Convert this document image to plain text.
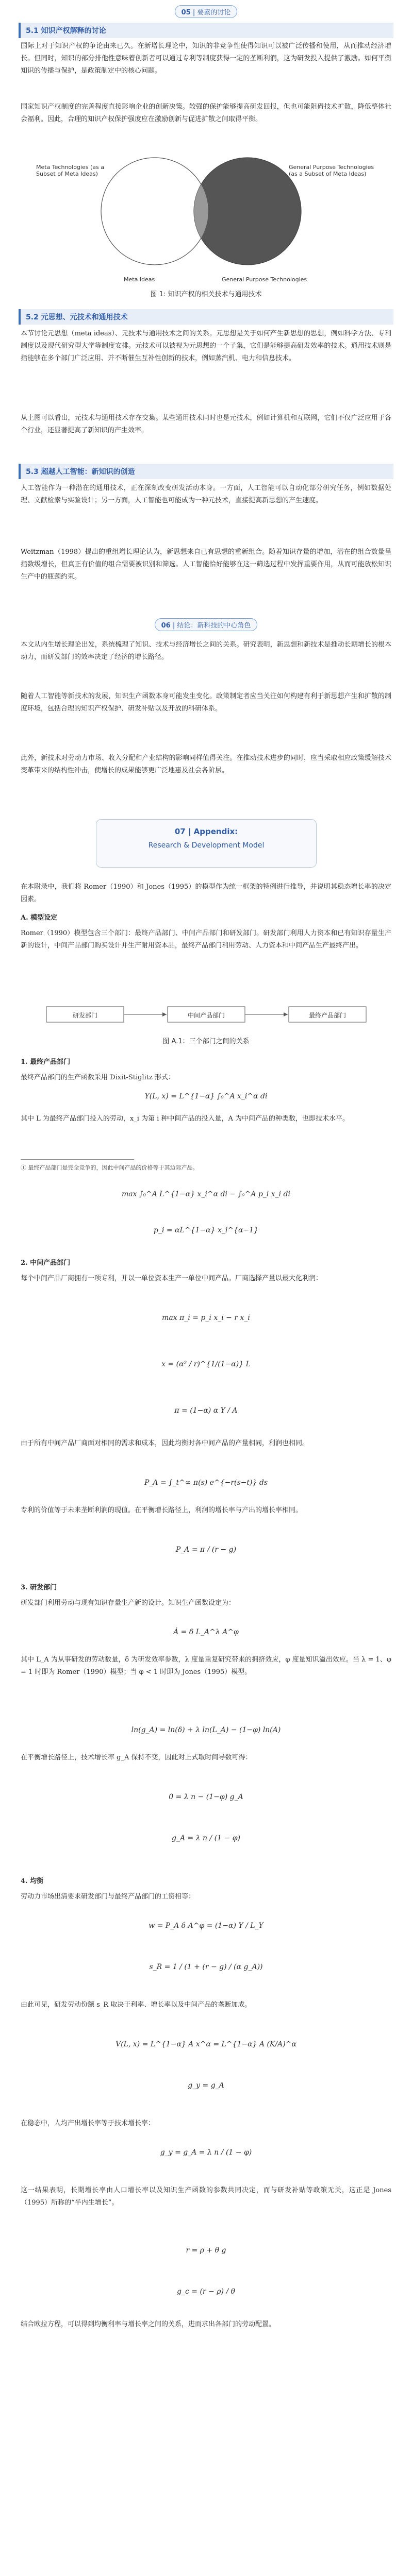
05 | 要素的讨论
5.1 知识产权解释的讨论
国际上对于知识产权的争论由来已久。在新增长理论中，知识的非竞争性使得知识可以被广泛传播和使用，从而推动经济增长。但同时，知识的部分排他性意味着创新者可以通过专利等制度获得一定的垄断利润，这为研发投入提供了激励。如何平衡知识的传播与保护，是政策制定中的核心问题。
国家知识产权制度的完善程度直接影响企业的创新决策。较强的保护能够提高研发回报，但也可能阻碍技术扩散，降低整体社会福利。因此，合理的知识产权保护强度应在激励创新与促进扩散之间取得平衡。
Meta Technologies (as a Subset of Meta Ideas)
General Purpose Technologies (as a Subset of Meta Ideas)
Meta Ideas	General Purpose Technologies
图 1: 知识产权的相关技术与通用技术
5.2 元思想、元技术和通用技术
本节讨论元思想（meta ideas）、元技术与通用技术之间的关系。元思想是关于如何产生新思想的思想，例如科学方法、专利制度以及现代研究型大学等制度安排。元技术可以被视为元思想的一个子集，它们是能够提高研发效率的技术。通用技术则是指能够在多个部门广泛应用、并不断催生互补性创新的技术，例如蒸汽机、电力和信息技术。
从上图可以看出，元技术与通用技术存在交集。某些通用技术同时也是元技术，例如计算机和互联网，它们不仅广泛应用于各个行业，还显著提高了新知识的产生效率。
5.3 超越人工智能：新知识的创造
人工智能作为一种潜在的通用技术，正在深刻改变研发活动本身。一方面，人工智能可以自动化部分研究任务，例如数据处理、文献检索与实验设计；另一方面，人工智能也可能成为一种元技术，直接提高新思想的产生速度。
Weitzman（1998）提出的重组增长理论认为，新思想来自已有思想的重新组合。随着知识存量的增加，潜在的组合数量呈指数级增长，但真正有价值的组合需要被识别和筛选。人工智能恰好能够在这一筛选过程中发挥重要作用，从而可能放松知识生产中的瓶颈约束。
06 | 结论：新科技的中心角色
本文从内生增长理论出发，系统梳理了知识、技术与经济增长之间的关系。研究表明，新思想和新技术是推动长期增长的根本动力，而研发部门的效率决定了经济的增长路径。
随着人工智能等新技术的发展，知识生产函数本身可能发生变化。政策制定者应当关注如何构建有利于新思想产生和扩散的制度环境，包括合理的知识产权保护、研发补贴以及开放的科研体系。
此外，新技术对劳动力市场、收入分配和产业结构的影响同样值得关注。在推动技术进步的同时，应当采取相应政策缓解技术变革带来的结构性冲击，使增长的成果能够更广泛地惠及社会各阶层。
07 | Appendix:
Research & Development Model
在本附录中，我们将 Romer（1990）和 Jones（1995）的模型作为统一框架的特例进行推导，并说明其稳态增长率的决定因素。
A. 模型设定
Romer（1990）模型包含三个部门：最终产品部门、中间产品部门和研发部门。研发部门利用人力资本和已有知识存量生产新的设计，中间产品部门购买设计并生产耐用资本品，最终产品部门利用劳动、人力资本和中间产品生产最终产出。
研发部门	中间产品部门	最终产品部门
图 A.1：三个部门之间的关系
1. 最终产品部门
最终产品部门的生产函数采用 Dixit-Stiglitz 形式：
Y(L, x) = L^{1−α} ∫₀^A x_i^α di
其中 L 为最终产品部门投入的劳动，x_i 为第 i 种中间产品的投入量，A 为中间产品的种类数，也即技术水平。
① 最终产品部门是完全竞争的，因此中间产品的价格等于其边际产品。
max ∫₀^A L^{1−α} x_i^α di − ∫₀^A p_i x_i di
p_i = αL^{1−α} x_i^{α−1}
2. 中间产品部门
每个中间产品厂商拥有一项专利，并以一单位资本生产一单位中间产品。厂商选择产量以最大化利润：
max π_i = p_i x_i − r x_i
x = (α² / r)^{1/(1−α)} L
π = (1−α) α Y / A
由于所有中间产品厂商面对相同的需求和成本，因此均衡时各中间产品的产量相同，利润也相同。
P_A = ∫_t^∞ π(s) e^{−r(s−t)} ds
专利的价值等于未来垄断利润的现值。在平衡增长路径上，利润的增长率与产出的增长率相同。
P_A = π / (r − g)
3. 研发部门
研发部门利用劳动与现有知识存量生产新的设计。知识生产函数设定为：
Ȧ = δ L_A^λ A^φ
其中 L_A 为从事研发的劳动数量，δ 为研发效率参数，λ 度量重复研究带来的拥挤效应，φ 度量知识溢出效应。当 λ = 1、φ = 1 时即为 Romer（1990）模型；当 φ < 1 时即为 Jones（1995）模型。
ln(g_A) = ln(δ) + λ ln(L_A) − (1−φ) ln(A)
在平衡增长路径上，技术增长率 g_A 保持不变，因此对上式取时间导数可得：
0 = λ n − (1−φ) g_A
g_A = λ n / (1 − φ)
4. 均衡
劳动力市场出清要求研发部门与最终产品部门的工资相等：
w = P_A δ A^φ = (1−α) Y / L_Y
s_R = 1 / (1 + (r − g) / (α g_A))
由此可见，研发劳动份额 s_R 取决于利率、增长率以及中间产品的垄断加成。
V(L, x) = L^{1−α} A x^α = L^{1−α} A (K/A)^α
g_y = g_A
在稳态中，人均产出增长率等于技术增长率：
g_y = g_A = λ n / (1 − φ)
这一结果表明，长期增长率由人口增长率以及知识生产函数的参数共同决定，而与研发补贴等政策无关，这正是 Jones（1995）所称的“半内生增长”。
r = ρ + θ g
g_c = (r − ρ) / θ
结合欧拉方程，可以得到均衡利率与增长率之间的关系，进而求出各部门的劳动配置。
